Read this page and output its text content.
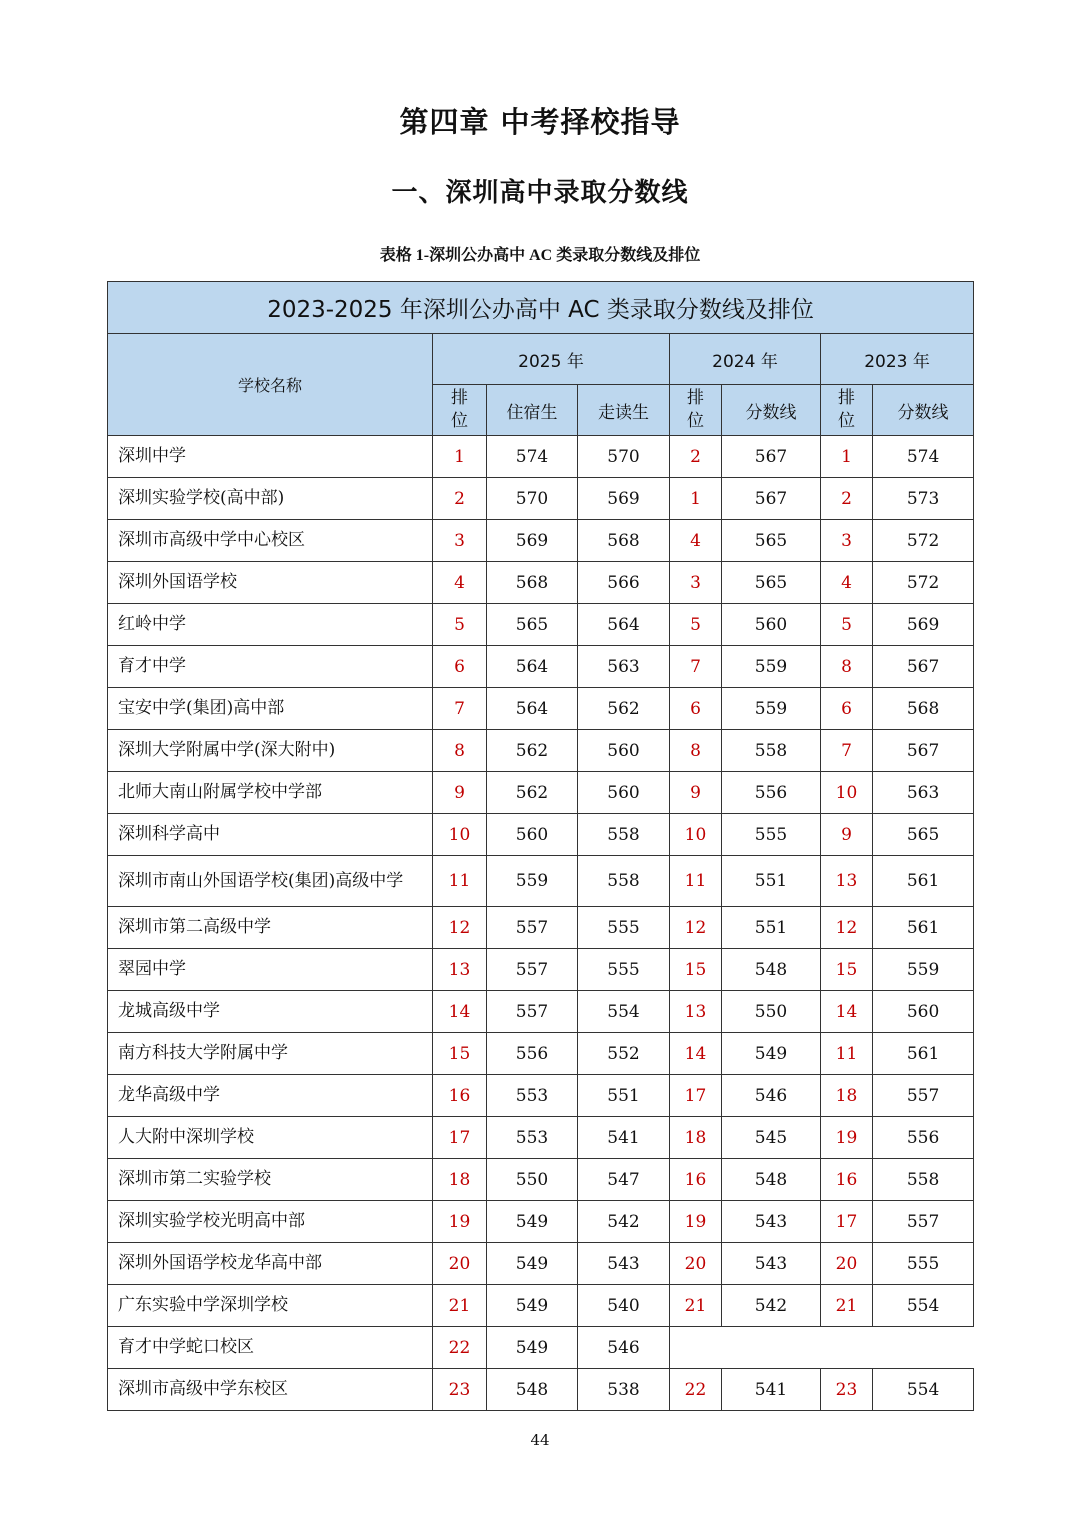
第四章 中考择校指导
一、深圳高中录取分数线
表格 1-深圳公办高中 AC 类录取分数线及排位
2023-2025 年深圳公办高中 AC 类录取分数线及排位							
学校名称	2025 年			2024 年		2023 年	
	排
位	住宿生	走读生	排
位	分数线	排
位	分数线
深圳中学	1	574	570	2	567	1	574
深圳实验学校(高中部)	2	570	569	1	567	2	573
深圳市高级中学中心校区	3	569	568	4	565	3	572
深圳外国语学校	4	568	566	3	565	4	572
红岭中学	5	565	564	5	560	5	569
育才中学	6	564	563	7	559	8	567
宝安中学(集团)高中部	7	564	562	6	559	6	568
深圳大学附属中学(深大附中)	8	562	560	8	558	7	567
北师大南山附属学校中学部	9	562	560	9	556	10	563
深圳科学高中	10	560	558	10	555	9	565
深圳市南山外国语学校(集团)高级中学	11	559	558	11	551	13	561
深圳市第二高级中学	12	557	555	12	551	12	561
翠园中学	13	557	555	15	548	15	559
龙城高级中学	14	557	554	13	550	14	560
南方科技大学附属中学	15	556	552	14	549	11	561
龙华高级中学	16	553	551	17	546	18	557
人大附中深圳学校	17	553	541	18	545	19	556
深圳市第二实验学校	18	550	547	16	548	16	558
深圳实验学校光明高中部	19	549	542	19	543	17	557
深圳外国语学校龙华高中部	20	549	543	20	543	20	555
广东实验中学深圳学校	21	549	540	21	542	21	554
育才中学蛇口校区	22	549	546				
深圳市高级中学东校区	23	548	538	22	541	23	554
44
